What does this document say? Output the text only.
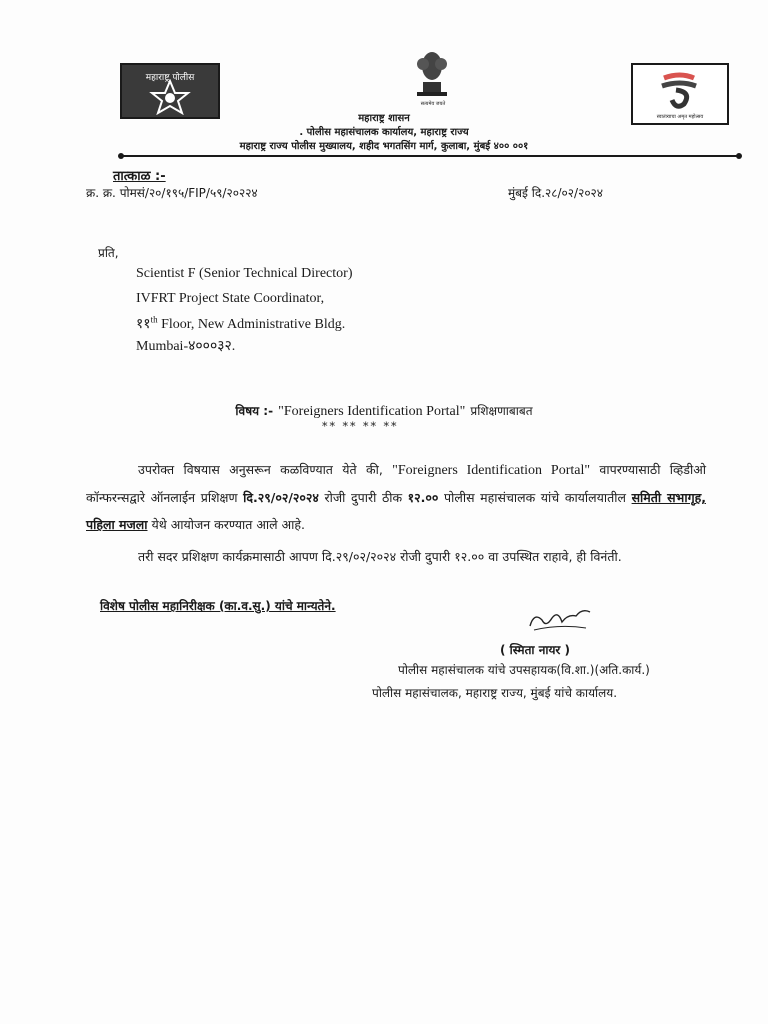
महाराष्ट्र पोलीस
सत्यमेव जयते
स्वातंत्र्याचा अमृत महोत्सव
महाराष्ट्र शासन
. पोलीस महासंचालक कार्यालय, महाराष्ट्र राज्य
महाराष्ट्र राज्य पोलीस मुख्यालय, शहीद भगतसिंग मार्ग, कुलाबा, मुंबई ४०० ००१
तात्काळ :-
क्र. क्र. पोमसं/२०/१९५/FIP/५९/२०२२४	मुंबई दि.२८/०२/२०२४
प्रति,
Scientist F (Senior Technical Director)
IVFRT Project State Coordinator,
११th Floor, New Administrative Bldg.
Mumbai-४०००३२.
विषय :- "Foreigners Identification Portal" प्रशिक्षणाबाबत
** ** ** **
उपरोक्त विषयास अनुसरून कळविण्यात येते की, "Foreigners Identification Portal" वापरण्यासाठी व्हिडीओ कॉन्फरन्सद्वारे ऑनलाईन प्रशिक्षण दि.२९/०२/२०२४ रोजी दुपारी ठीक १२.०० पोलीस महासंचालक यांचे कार्यालयातील समिती सभागृह, पहिला मजला येथे आयोजन करण्यात आले आहे.
तरी सदर प्रशिक्षण कार्यक्रमासाठी आपण दि.२९/०२/२०२४ रोजी दुपारी १२.०० वा उपस्थित राहावे, ही विनंती.
विशेष पोलीस महानिरीक्षक (का.व.सु.) यांचे मान्यतेने.
( स्मिता नायर )
पोलीस महासंचालक यांचे उपसहायक(वि.शा.)(अति.कार्य.)
पोलीस महासंचालक, महाराष्ट्र राज्य, मुंबई यांचे कार्यालय.
